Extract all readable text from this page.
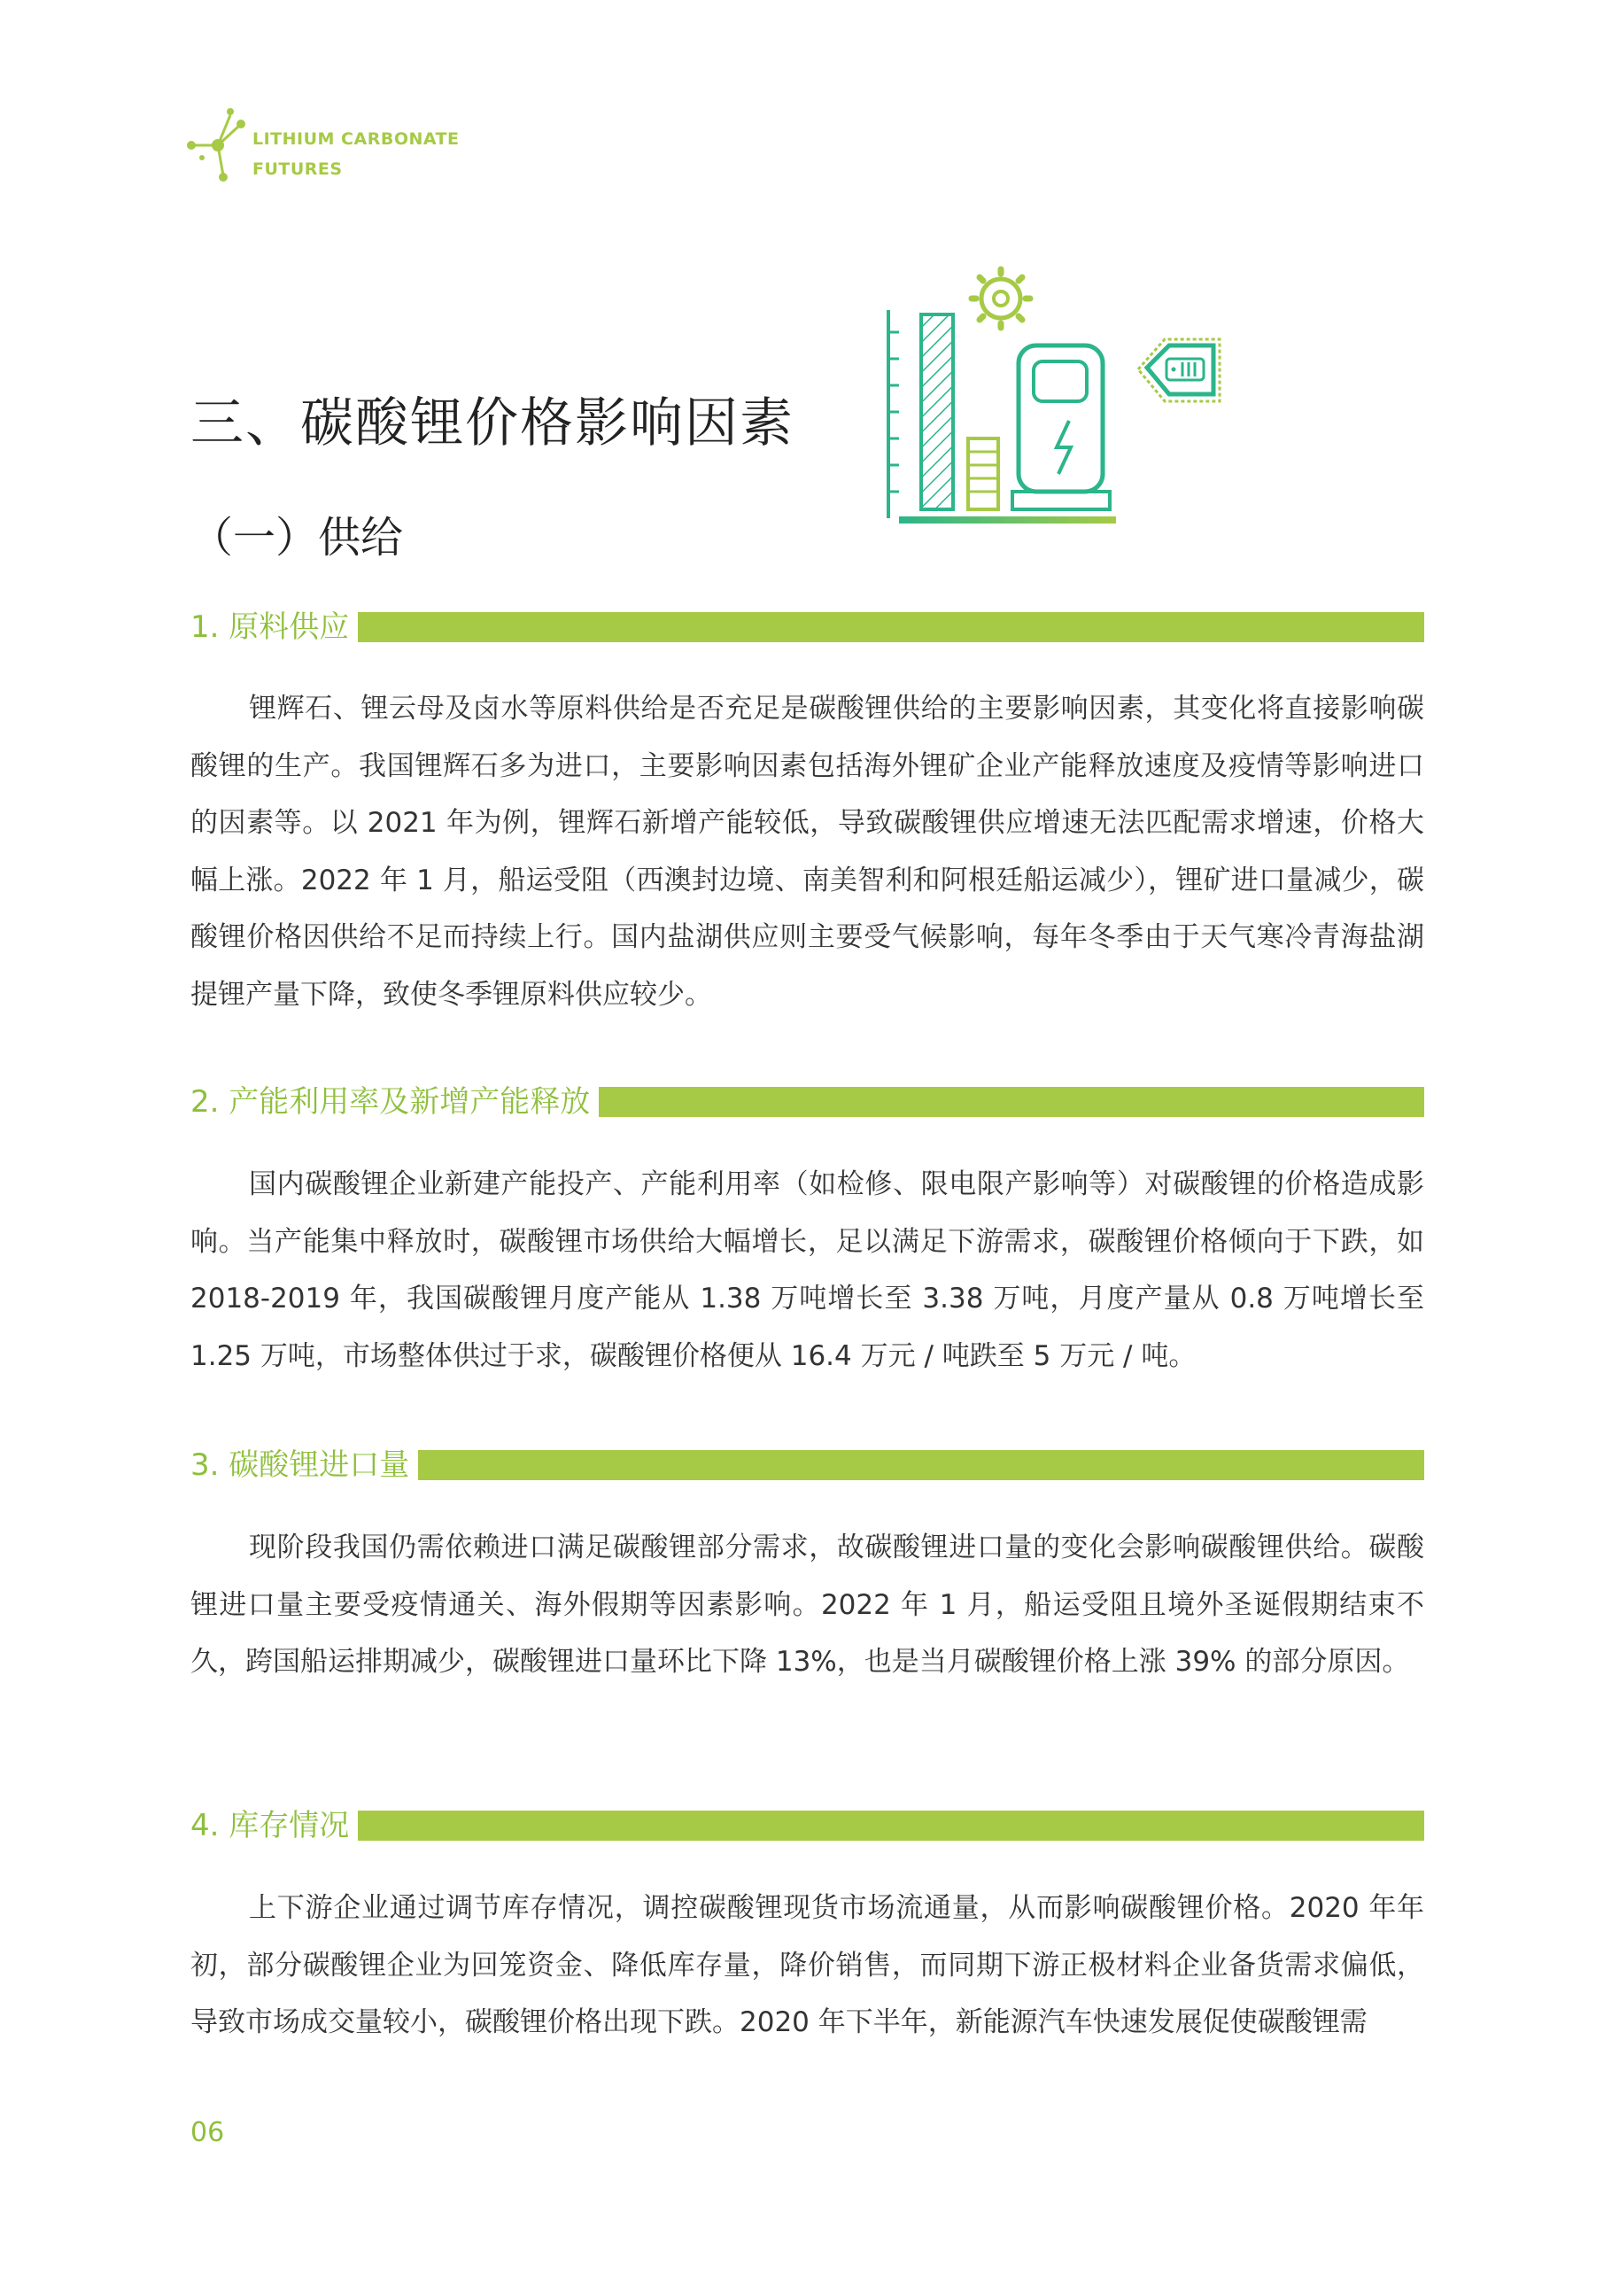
LITHIUM CARBONATE
FUTURES
三、碳酸锂价格影响因素
（一）供给
1. 原料供应

锂辉石、锂云母及卤水等原料供给是否充足是碳酸锂供给的主要影响因素，其变化将直接影响碳酸锂的生产。我国锂辉石多为进口，主要影响因素包括海外锂矿企业产能释放速度及疫情等影响进口的因素等。以 2021 年为例，锂辉石新增产能较低，导致碳酸锂供应增速无法匹配需求增速，价格大幅上涨。2022 年 1 月，船运受阻（西澳封边境、南美智利和阿根廷船运减少），锂矿进口量减少，碳酸锂价格因供给不足而持续上行。国内盐湖供应则主要受气候影响，每年冬季由于天气寒冷青海盐湖提锂产量下降，致使冬季锂原料供应较少。

2. 产能利用率及新增产能释放

国内碳酸锂企业新建产能投产、产能利用率（如检修、限电限产影响等）对碳酸锂的价格造成影响。当产能集中释放时，碳酸锂市场供给大幅增长，足以满足下游需求，碳酸锂价格倾向于下跌，如 2018-2019 年，我国碳酸锂月度产能从 1.38 万吨增长至 3.38 万吨，月度产量从 0.8 万吨增长至 1.25 万吨，市场整体供过于求，碳酸锂价格便从 16.4 万元 / 吨跌至 5 万元 / 吨。

3. 碳酸锂进口量

现阶段我国仍需依赖进口满足碳酸锂部分需求，故碳酸锂进口量的变化会影响碳酸锂供给。碳酸锂进口量主要受疫情通关、海外假期等因素影响。2022 年 1 月，船运受阻且境外圣诞假期结束不久，跨国船运排期减少，碳酸锂进口量环比下降 13%，也是当月碳酸锂价格上涨 39% 的部分原因。

4. 库存情况

上下游企业通过调节库存情况，调控碳酸锂现货市场流通量，从而影响碳酸锂价格。2020 年年初，部分碳酸锂企业为回笼资金、降低库存量，降价销售，而同期下游正极材料企业备货需求偏低，导致市场成交量较小，碳酸锂价格出现下跌。2020 年下半年，新能源汽车快速发展促使碳酸锂需

06
